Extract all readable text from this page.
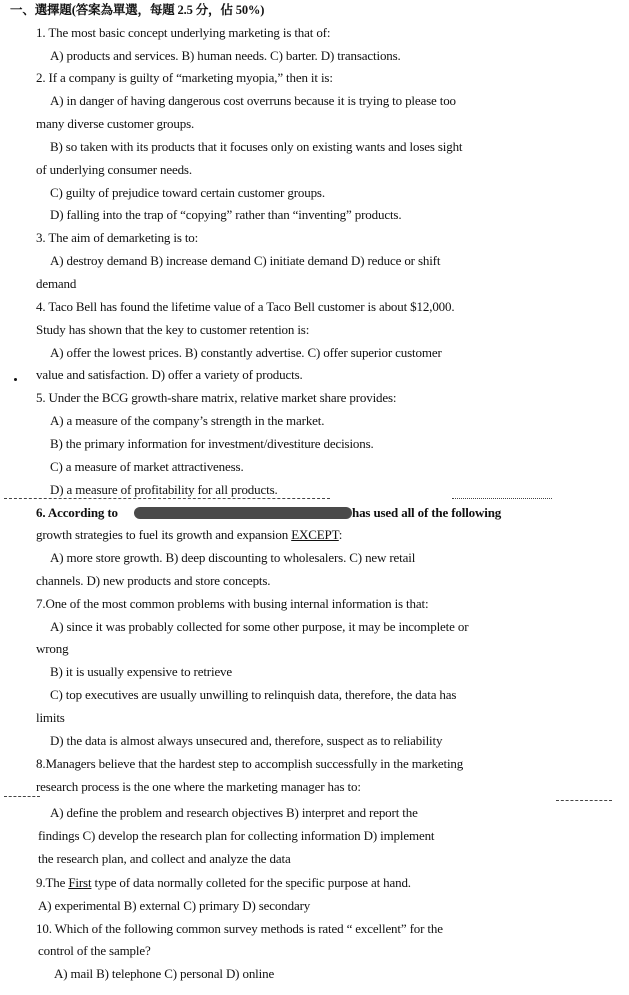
一、選擇題(答案為單選，每題 2.5 分，佔 50%)
1. The most basic concept underlying marketing is that of:
A) products and services. B) human needs. C) barter. D) transactions.
2. If a company is guilty of “marketing myopia,” then it is:
A) in danger of having dangerous cost overruns because it is trying to please too
many diverse customer groups.
B) so taken with its products that it focuses only on existing wants and loses sight
of underlying consumer needs.
C) guilty of prejudice toward certain customer groups.
D) falling into the trap of “copying” rather than “inventing” products.
3. The aim of demarketing is to:
A) destroy demand B) increase demand C) initiate demand D) reduce or shift
demand
4. Taco Bell has found the lifetime value of a Taco Bell customer is about $12,000.
Study has shown that the key to customer retention is:
A) offer the lowest prices. B) constantly advertise. C) offer superior customer
value and satisfaction. D) offer a variety of products.
5. Under the BCG growth-share matrix, relative market share provides:
A) a measure of the company’s strength in the market.
B) the primary information for investment/divestiture decisions.
C) a measure of market attractiveness.
D) a measure of profitability for all products.
6. According to	has used all of the following
growth strategies to fuel its growth and expansion EXCEPT:
A) more store growth. B) deep discounting to wholesalers. C) new retail
channels. D) new products and store concepts.
7.One of the most common problems with busing internal information is that:
A) since it was probably collected for some other purpose, it may be incomplete or
wrong
B) it is usually expensive to retrieve
C) top executives are usually unwilling to relinquish data, therefore, the data has
limits
D) the data is almost always unsecured and, therefore, suspect as to reliability
8.Managers believe that the hardest step to accomplish successfully in the marketing
research process is the one where the marketing manager has to:
A) define the problem and research objectives B) interpret and report the
findings C) develop the research plan for collecting information D) implement
the research plan, and collect and analyze the data
9.The First type of data normally colleted for the specific purpose at hand.
A) experimental B) external C) primary D) secondary
10. Which of the following common survey methods is rated “ excellent” for the
control of the sample?
A) mail B) telephone C) personal D) online
